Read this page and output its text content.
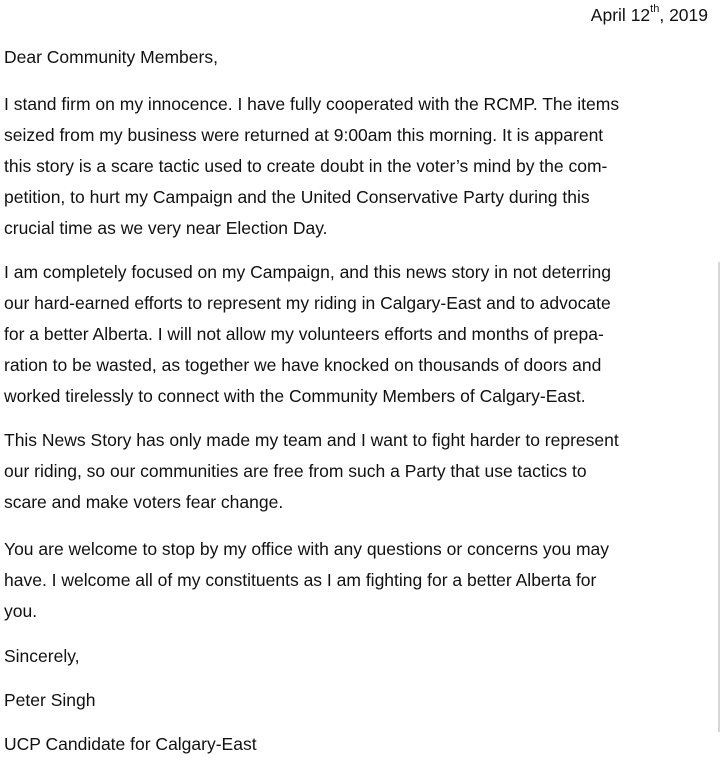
April 12th, 2019

Dear Community Members,

I stand firm on my innocence. I have fully cooperated with the RCMP. The items
seized from my business were returned at 9:00am this morning. It is apparent
this story is a scare tactic used to create doubt in the voter’s mind by the com-
petition, to hurt my Campaign and the United Conservative Party during this
crucial time as we very near Election Day.
I am completely focused on my Campaign, and this news story in not deterring
our hard-earned efforts to represent my riding in Calgary-East and to advocate
for a better Alberta. I will not allow my volunteers efforts and months of prepa-
ration to be wasted, as together we have knocked on thousands of doors and
worked tirelessly to connect with the Community Members of Calgary-East.
This News Story has only made my team and I want to fight harder to represent
our riding, so our communities are free from such a Party that use tactics to
scare and make voters fear change.
You are welcome to stop by my office with any questions or concerns you may
have. I welcome all of my constituents as I am fighting for a better Alberta for
you.

Sincerely,

Peter Singh

UCP Candidate for Calgary-East
